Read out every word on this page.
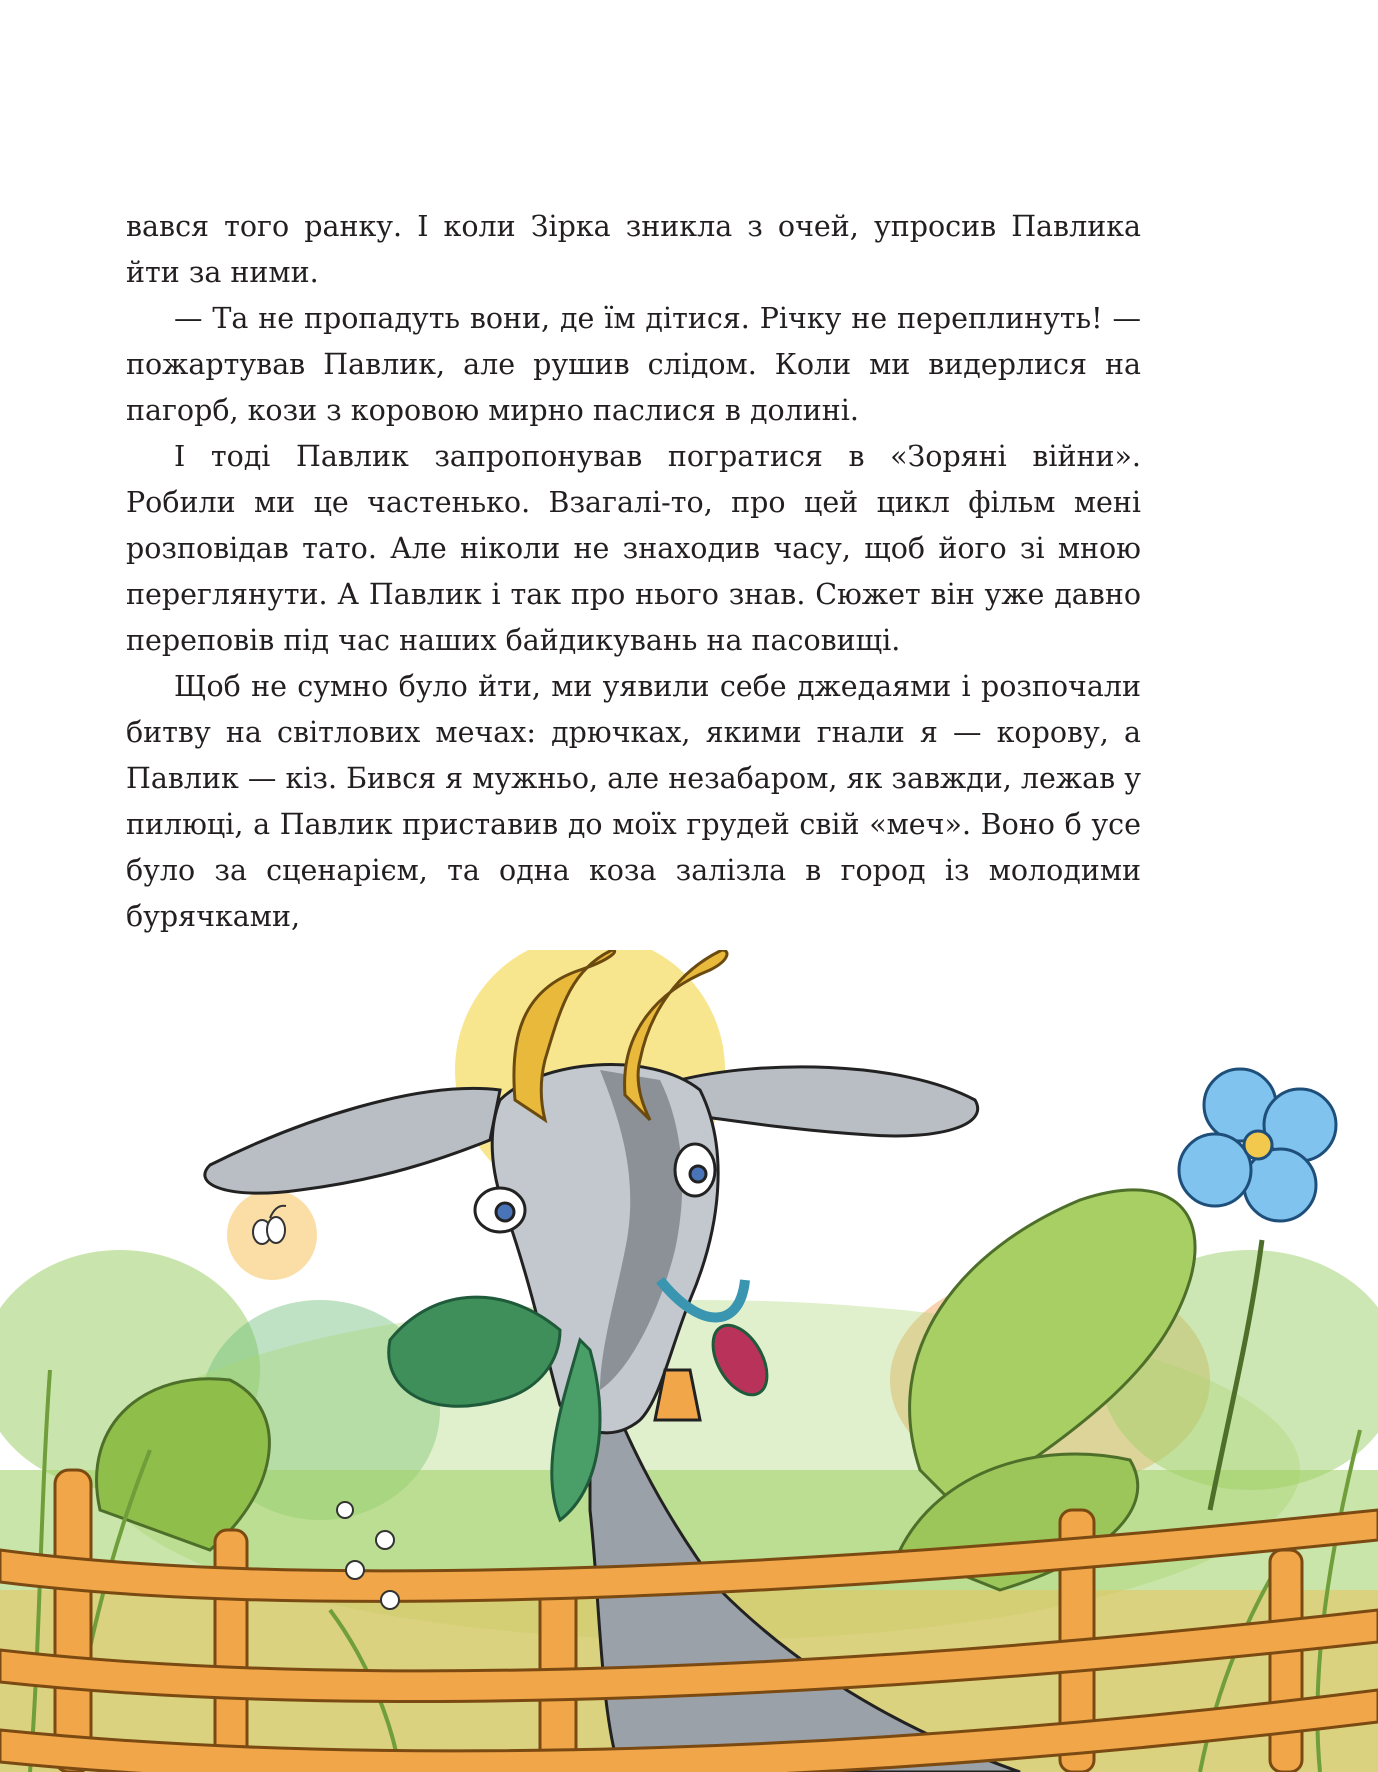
вався того ранку. І коли Зірка зникла з очей, упросив Павлика йти за ними.

— Та не пропадуть вони, де їм дітися. Річку не переплинуть! — пожартував Павлик, але рушив слідом. Коли ми видерлися на пагорб, кози з коровою мирно паслися в долині.

І тоді Павлик запропонував погратися в «Зоряні війни». Робили ми це частенько. Взагалі-то, про цей цикл фільм мені розповідав тато. Але ніколи не знаходив часу, щоб його зі мною переглянути. А Павлик і так про нього знав. Сюжет він уже давно переповів під час наших байдикувань на пасовищі.

Щоб не сумно було йти, ми уявили себе джедаями і розпочали битву на світлових мечах: дрючках, якими гнали я — корову, а Павлик — кіз. Бився я мужньо, але незабаром, як завжди, лежав у пилюці, а Павлик приставив до моїх грудей свій «меч». Воно б усе було за сценарієм, та одна коза залізла в город із молодими бурячками,
